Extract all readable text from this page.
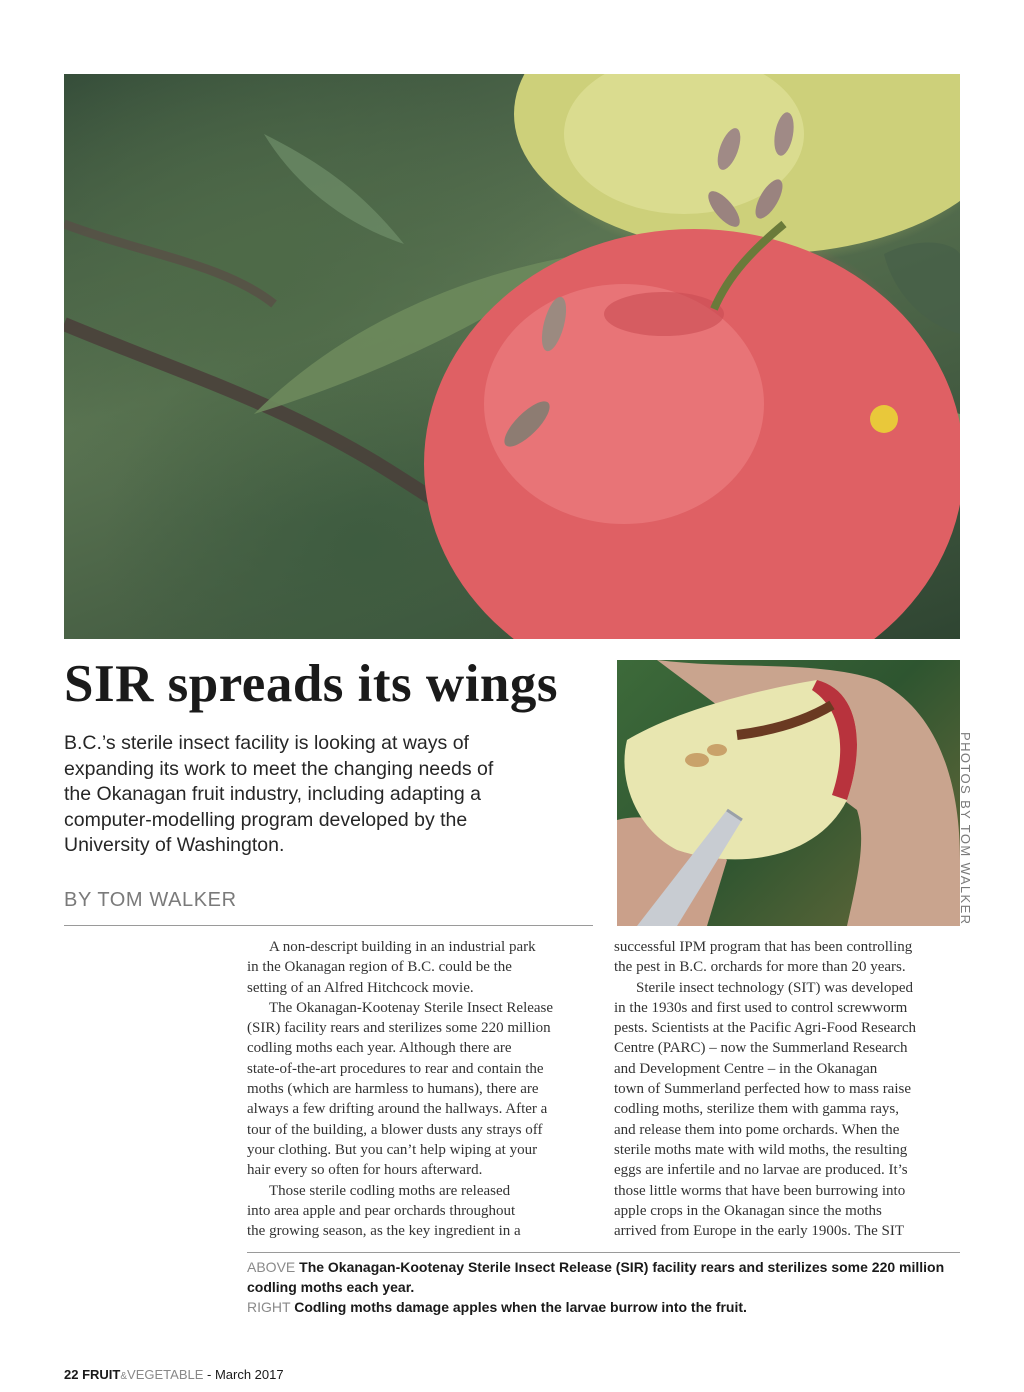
SIR spreads its wings

B.C.’s sterile insect facility is looking at ways of expanding its work to meet the changing needs of the Okanagan fruit industry, including adapting a computer-modelling program developed by the University of Washington.

BY TOM WALKER	PHOTOS BY TOM WALKER

A non-descript building in an industrial park
in the Okanagan region of B.C. could be the
setting of an Alfred Hitchcock movie.

The Okanagan-Kootenay Sterile Insect Release
(SIR) facility rears and sterilizes some 220 million
codling moths each year. Although there are
state-of-the-art procedures to rear and contain the
moths (which are harmless to humans), there are
always a few drifting around the hallways. After a
tour of the building, a blower dusts any strays off
your clothing. But you can’t help wiping at your
hair every so often for hours afterward.

Those sterile codling moths are released
into area apple and pear orchards throughout
the growing season, as the key ingredient in a

successful IPM program that has been controlling
the pest in B.C. orchards for more than 20 years.

Sterile insect technology (SIT) was developed
in the 1930s and first used to control screwworm
pests. Scientists at the Pacific Agri-Food Research
Centre (PARC) – now the Summerland Research
and Development Centre – in the Okanagan
town of Summerland perfected how to mass raise
codling moths, sterilize them with gamma rays,
and release them into pome orchards. When the
sterile moths mate with wild moths, the resulting
eggs are infertile and no larvae are produced. It’s
those little worms that have been burrowing into
apple crops in the Okanagan since the moths
arrived from Europe in the early 1900s. The SIT

ABOVE The Okanagan-Kootenay Sterile Insect Release (SIR) facility rears and sterilizes some 220 million codling moths each year.

RIGHT Codling moths damage apples when the larvae burrow into the fruit.

22 FRUIT&VEGETABLE - March 2017
